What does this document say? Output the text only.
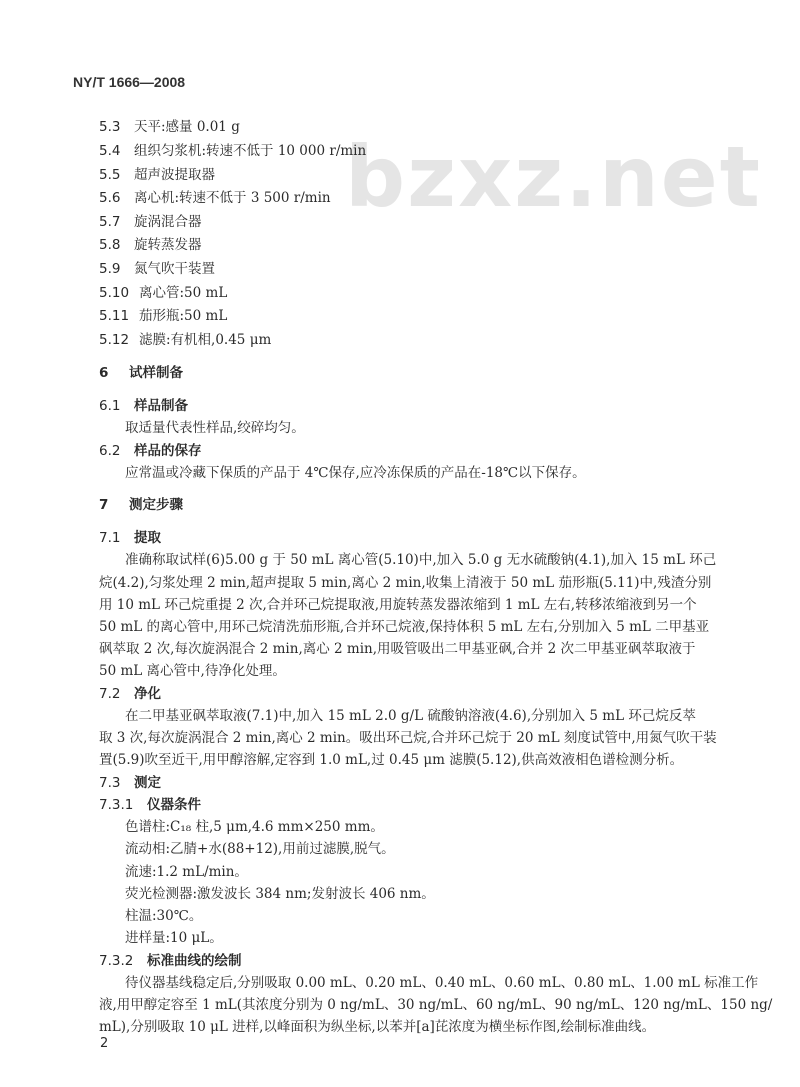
NY/T 1666—2008
bzxz.net
5.3 天平:感量 0.01 g
5.4 组织匀浆机:转速不低于 10 000 r/min
5.5 超声波提取器
5.6 离心机:转速不低于 3 500 r/min
5.7 旋涡混合器
5.8 旋转蒸发器
5.9 氮气吹干装置
5.10 离心管:50 mL
5.11 茄形瓶:50 mL
5.12 滤膜:有机相,0.45 μm
6 试样制备
6.1 样品制备
取适量代表性样品,绞碎均匀。
6.2 样品的保存
应常温或冷藏下保质的产品于 4℃保存,应冷冻保质的产品在-18℃以下保存。
7 测定步骤
7.1 提取
准确称取试样(6)5.00 g 于 50 mL 离心管(5.10)中,加入 5.0 g 无水硫酸钠(4.1),加入 15 mL 环己
烷(4.2),匀浆处理 2 min,超声提取 5 min,离心 2 min,收集上清液于 50 mL 茄形瓶(5.11)中,残渣分别
用 10 mL 环己烷重提 2 次,合并环己烷提取液,用旋转蒸发器浓缩到 1 mL 左右,转移浓缩液到另一个
50 mL 的离心管中,用环己烷清洗茄形瓶,合并环己烷液,保持体积 5 mL 左右,分别加入 5 mL 二甲基亚
砜萃取 2 次,每次旋涡混合 2 min,离心 2 min,用吸管吸出二甲基亚砜,合并 2 次二甲基亚砜萃取液于
50 mL 离心管中,待净化处理。
7.2 净化
在二甲基亚砜萃取液(7.1)中,加入 15 mL 2.0 g/L 硫酸钠溶液(4.6),分别加入 5 mL 环己烷反萃
取 3 次,每次旋涡混合 2 min,离心 2 min。吸出环己烷,合并环己烷于 20 mL 刻度试管中,用氮气吹干装
置(5.9)吹至近干,用甲醇溶解,定容到 1.0 mL,过 0.45 μm 滤膜(5.12),供高效液相色谱检测分析。
7.3 测定
7.3.1 仪器条件
色谱柱:C₁₈ 柱,5 μm,4.6 mm×250 mm。
流动相:乙腈+水(88+12),用前过滤膜,脱气。
流速:1.2 mL/min。
荧光检测器:激发波长 384 nm;发射波长 406 nm。
柱温:30℃。
进样量:10 μL。
7.3.2 标准曲线的绘制
待仪器基线稳定后,分别吸取 0.00 mL、0.20 mL、0.40 mL、0.60 mL、0.80 mL、1.00 mL 标准工作
液,用甲醇定容至 1 mL(其浓度分别为 0 ng/mL、30 ng/mL、60 ng/mL、90 ng/mL、120 ng/mL、150 ng/
mL),分别吸取 10 μL 进样,以峰面积为纵坐标,以苯并[a]芘浓度为横坐标作图,绘制标准曲线。
2
